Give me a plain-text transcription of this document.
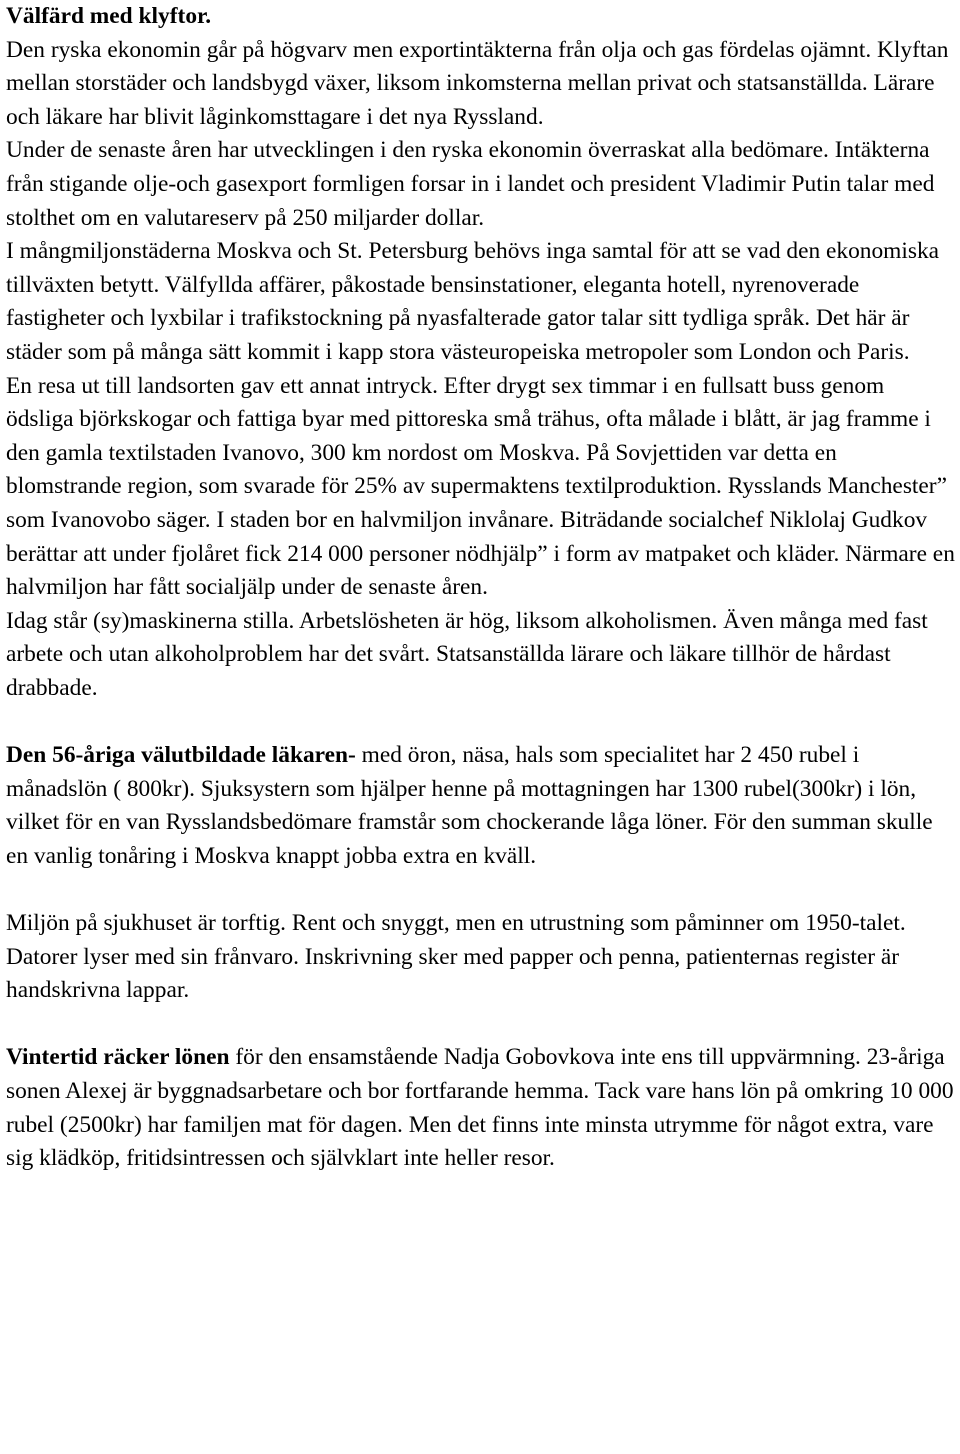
Välfärd med klyftor.

Den ryska ekonomin går på högvarv men exportintäkterna från olja och gas fördelas ojämnt. Klyftan mellan storstäder och landsbygd växer, liksom inkomsterna mellan privat och statsanställda. Lärare och läkare har blivit låginkomsttagare i det nya Ryssland.

Under de senaste åren har utvecklingen i den ryska ekonomin överraskat alla bedömare. Intäkterna från stigande olje-och gasexport formligen forsar in i landet och president Vladimir Putin talar med stolthet om en valutareserv på 250 miljarder dollar.

I mångmiljonstäderna Moskva och St. Petersburg behövs inga samtal för att se vad den ekonomiska tillväxten betytt. Välfyllda affärer, påkostade bensinstationer, eleganta hotell, nyrenoverade fastigheter och lyxbilar i trafikstockning på nyasfalterade gator talar sitt tydliga språk. Det här är städer som på många sätt kommit i kapp stora västeuropeiska metropoler som London och Paris.

En resa ut till landsorten gav ett annat intryck. Efter drygt sex timmar i en fullsatt buss genom ödsliga björkskogar och fattiga byar med pittoreska små trähus, ofta målade i blått, är jag framme i den gamla textilstaden Ivanovo, 300 km nordost om Moskva. På Sovjettiden var detta en blomstrande region, som svarade för 25% av supermaktens textilproduktion. Rysslands Manchester” som Ivanovobo säger. I staden bor en halvmiljon invånare. Biträdande socialchef Niklolaj Gudkov berättar att under fjolåret fick 214 000 personer nödhjälp” i form av matpaket och kläder. Närmare en halvmiljon har fått socialjälp under de senaste åren.

Idag står (sy)maskinerna stilla. Arbetslösheten är hög, liksom alkoholismen. Även många med fast arbete och utan alkoholproblem har det svårt. Statsanställda lärare och läkare tillhör de hårdast drabbade.

Den 56-åriga välutbildade läkaren- med öron, näsa, hals som specialitet har 2 450 rubel i månadslön ( 800kr). Sjuksystern som hjälper henne på mottagningen har 1300 rubel(300kr) i lön, vilket för en van Rysslandsbedömare framstår som chockerande låga löner. För den summan skulle en vanlig tonåring i Moskva knappt jobba extra en kväll.

Miljön på sjukhuset är torftig. Rent och snyggt, men en utrustning som påminner om 1950-talet. Datorer lyser med sin frånvaro. Inskrivning sker med papper och penna, patienternas register är handskrivna lappar.

Vintertid räcker lönen för den ensamstående Nadja Gobovkova inte ens till uppvärmning. 23-åriga sonen Alexej är byggnadsarbetare och bor fortfarande hemma. Tack vare hans lön på omkring 10 000 rubel (2500kr) har familjen mat för dagen. Men det finns inte minsta utrymme för något extra, vare sig klädköp, fritidsintressen och självklart inte heller resor.
